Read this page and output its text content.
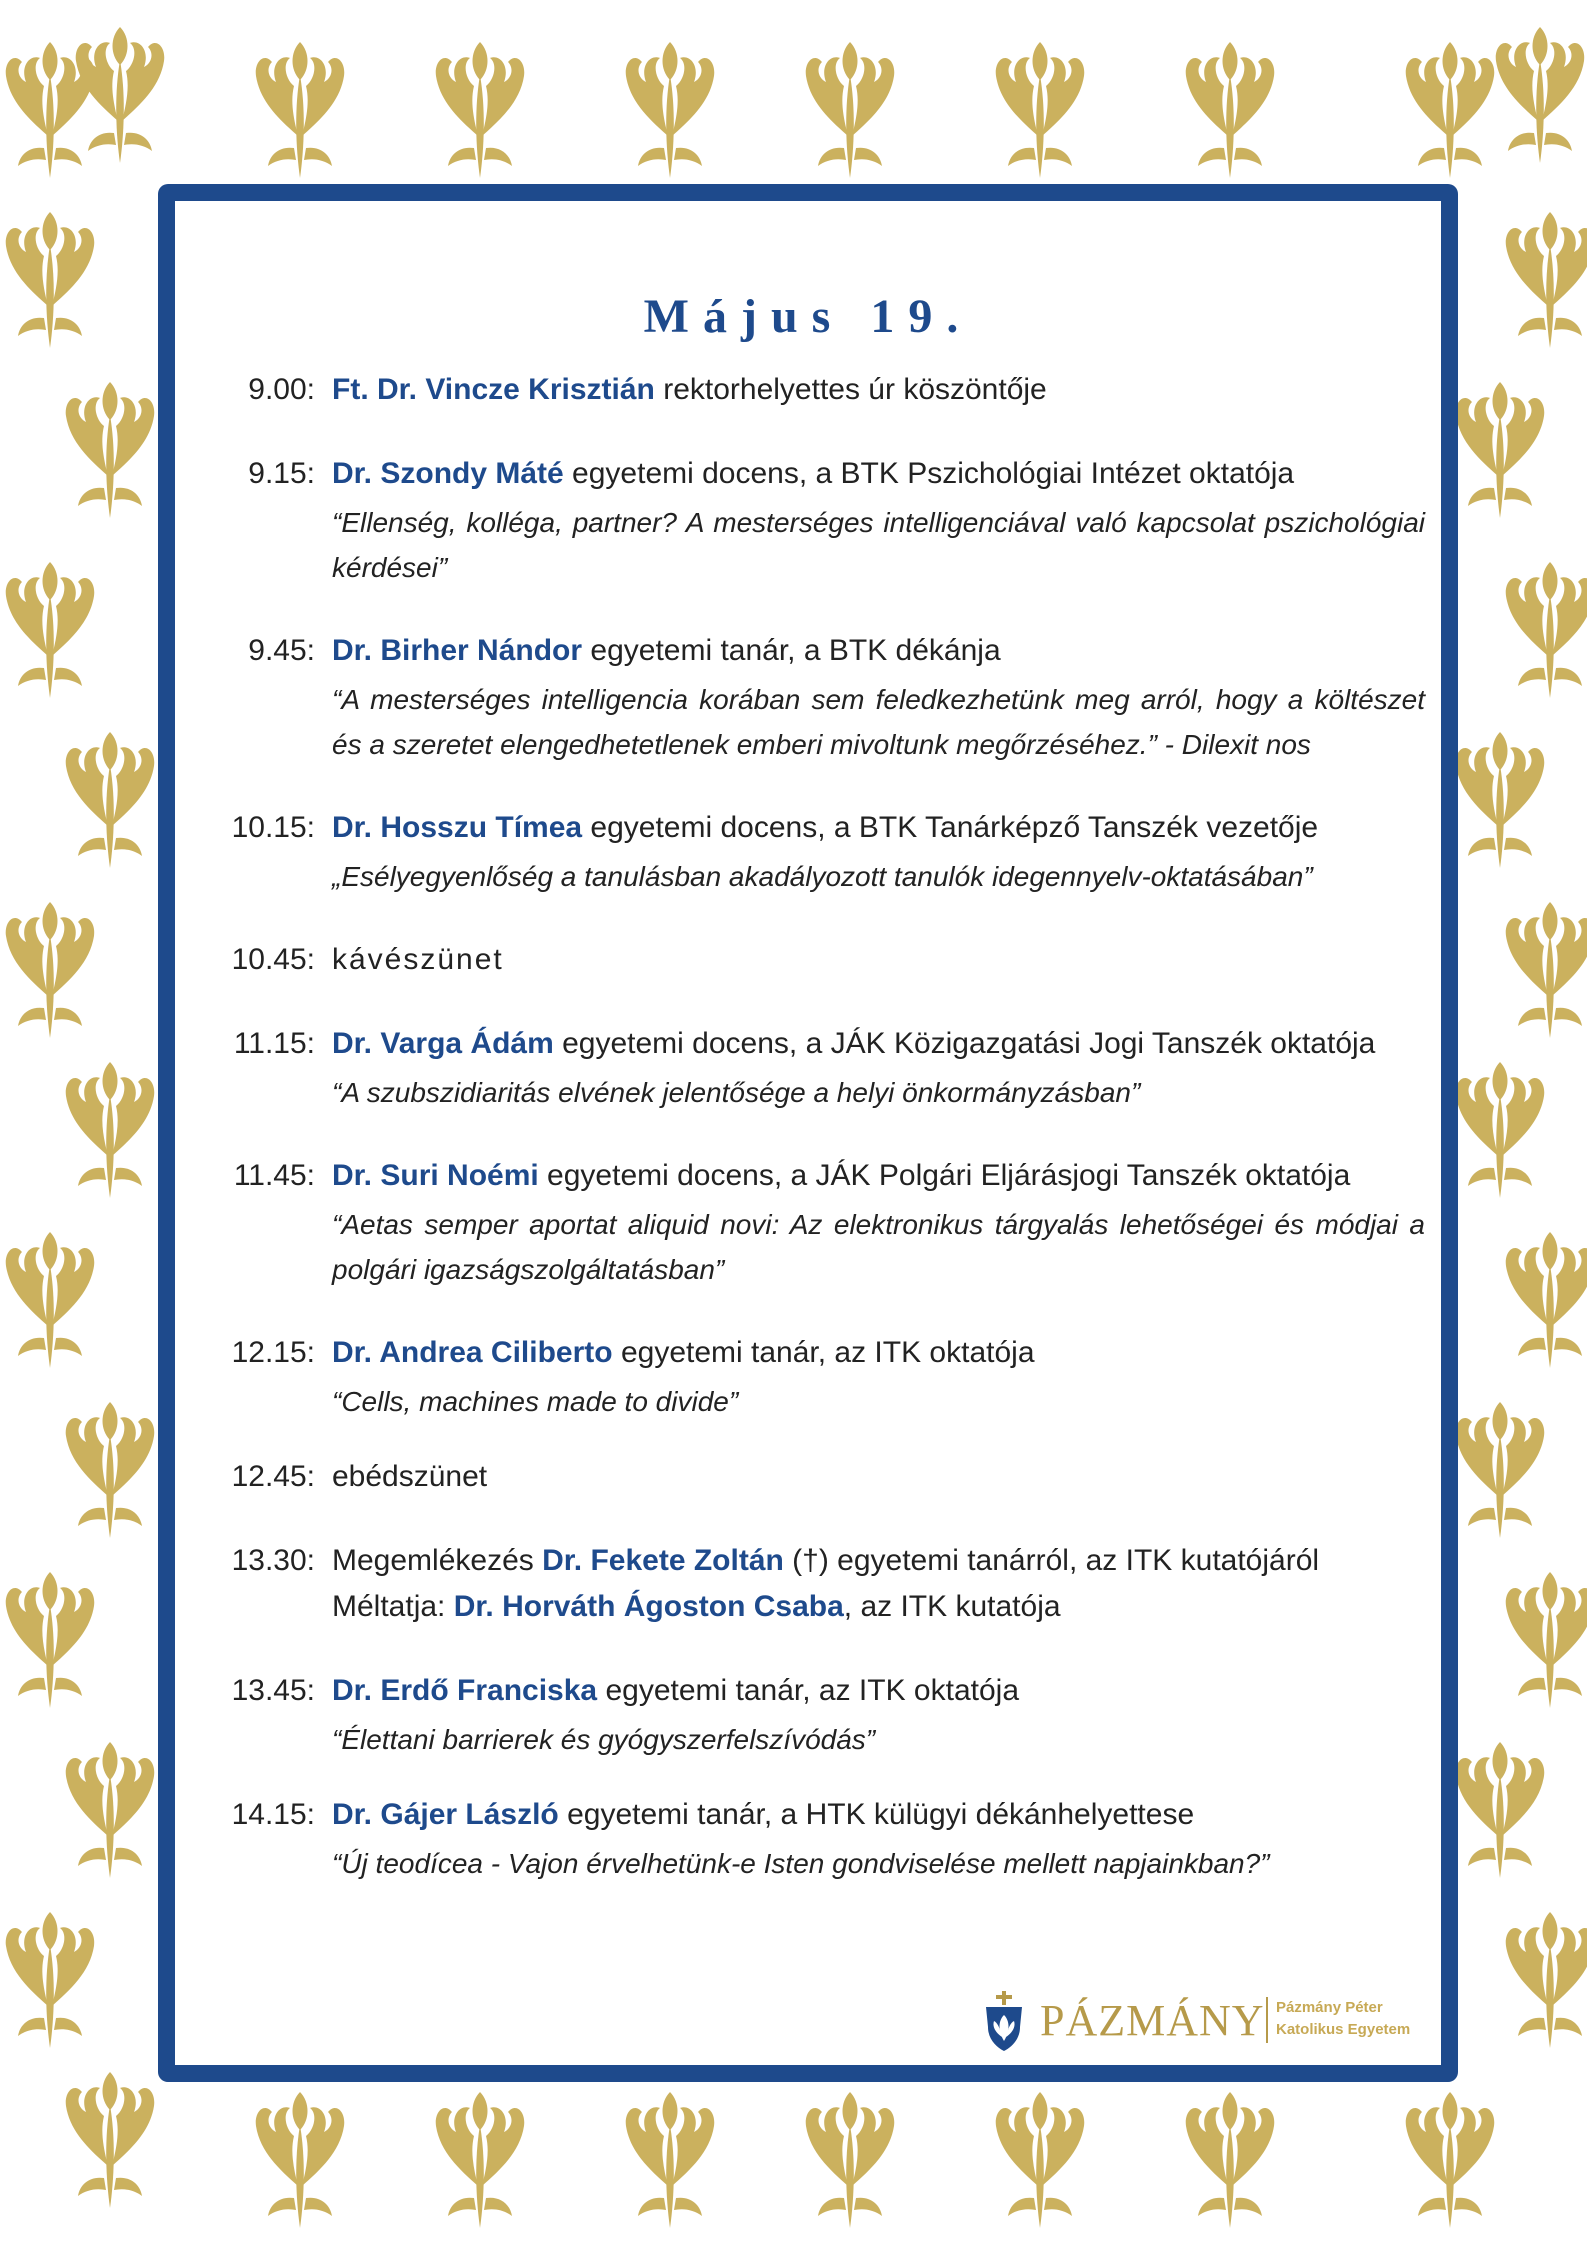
Május 19.
9.00: Ft. Dr. Vincze Krisztián rektorhelyettes úr köszöntője
9.15: Dr. Szondy Máté egyetemi docens, a BTK Pszichológiai Intézet oktatója
“Ellenség, kolléga, partner? A mesterséges intelligenciával való kapcsolat pszichológiai kérdései”
9.45: Dr. Birher Nándor egyetemi tanár, a BTK dékánja
“A mesterséges intelligencia korában sem feledkezhetünk meg arról, hogy a költészet és a szeretet elengedhetetlenek emberi mivoltunk megőrzéséhez.” - Dilexit nos
10.15: Dr. Hosszu Tímea egyetemi docens, a BTK Tanárképző Tanszék vezetője
„Esélyegyenlőség a tanulásban akadályozott tanulók idegennyelv-oktatásában”
10.45: kávészünet
11.15: Dr. Varga Ádám egyetemi docens, a JÁK Közigazgatási Jogi Tanszék oktatója
“A szubszidiaritás elvének jelentősége a helyi önkormányzásban”
11.45: Dr. Suri Noémi egyetemi docens, a JÁK Polgári Eljárásjogi Tanszék oktatója
“Aetas semper aportat aliquid novi: Az elektronikus tárgyalás lehetőségei és módjai a polgári igazságszolgáltatásban”
12.15: Dr. Andrea Ciliberto egyetemi tanár, az ITK oktatója
“Cells, machines made to divide”
12.45: ebédszünet
13.30: Megemlékezés Dr. Fekete Zoltán (†) egyetemi tanárról, az ITK kutatójáról
Méltatja: Dr. Horváth Ágoston Csaba, az ITK kutatója
13.45: Dr. Erdő Franciska egyetemi tanár, az ITK oktatója
“Élettani barrierek és gyógyszerfelszívódás”
14.15: Dr. Gájer László egyetemi tanár, a HTK külügyi dékánhelyettese
“Új teodícea - Vajon érvelhetünk-e Isten gondviselése mellett napjainkban?”
PÁZMÁNY Pázmány Péter
Katolikus Egyetem
